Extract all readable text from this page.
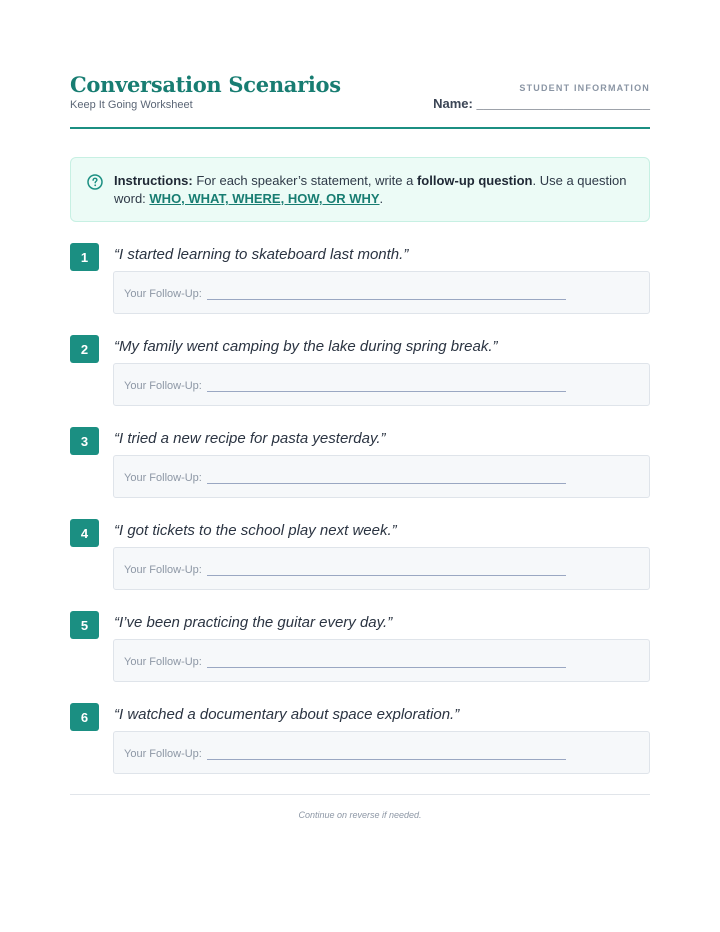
Conversation Scenarios
Keep It Going Worksheet
STUDENT INFORMATION
Name: ________________________
Instructions: For each speaker’s statement, write a follow-up question. Use a question word: WHO, WHAT, WHERE, HOW, OR WHY.
1	“I started learning to skateboard last month.”
Your Follow-Up:
2	“My family went camping by the lake during spring break.”
Your Follow-Up:
3	“I tried a new recipe for pasta yesterday.”
Your Follow-Up:
4	“I got tickets to the school play next week.”
Your Follow-Up:
5	“I’ve been practicing the guitar every day.”
Your Follow-Up:
6	“I watched a documentary about space exploration.”
Your Follow-Up:
Continue on reverse if needed.
